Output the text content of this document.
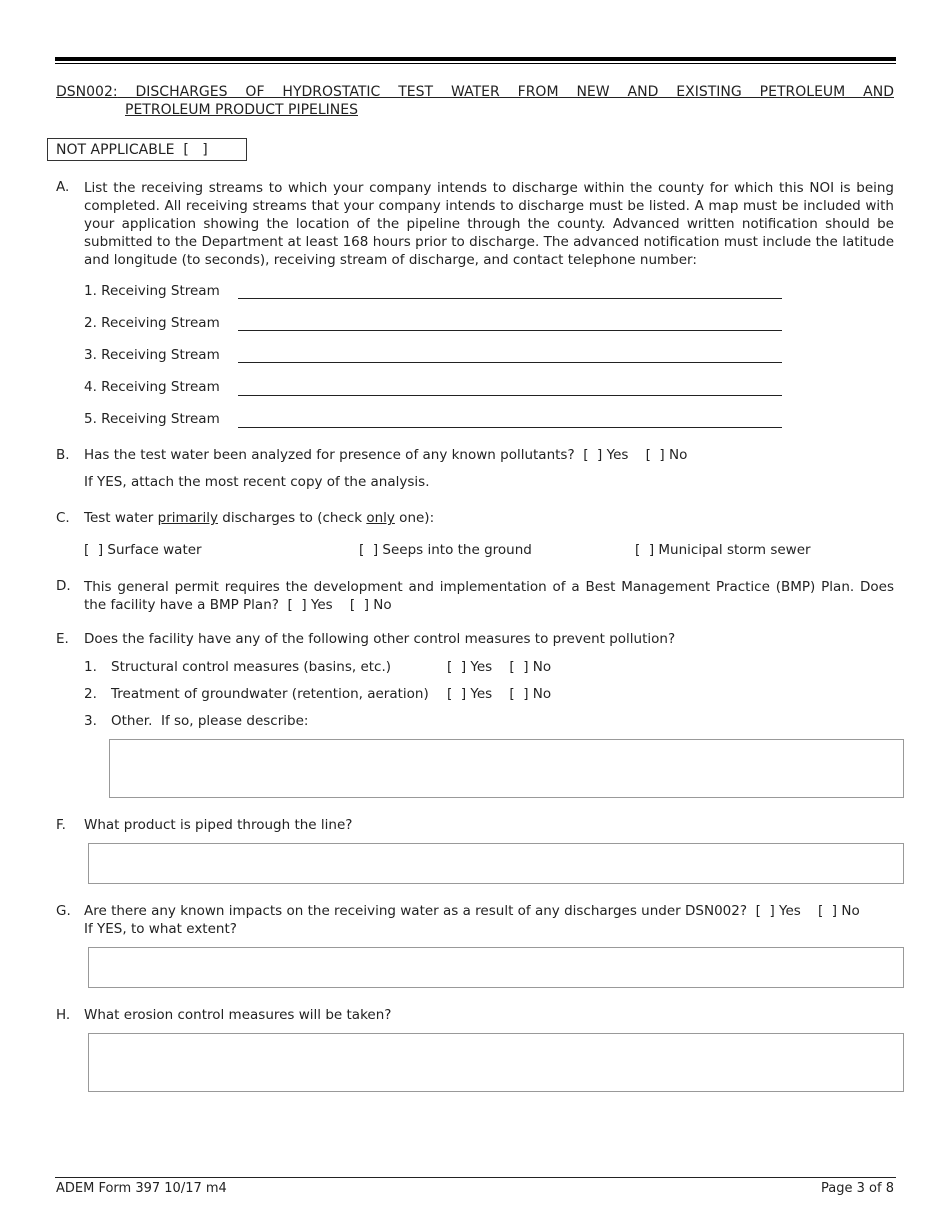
DSN002: DISCHARGES OF HYDROSTATIC TEST WATER FROM NEW AND EXISTING PETROLEUM AND
PETROLEUM PRODUCT PIPELINES
NOT APPLICABLE  [   ]
A. List the receiving streams to which your company intends to discharge within the county for which this NOI is being completed. All receiving streams that your company intends to discharge must be listed. A map must be included with your application showing the location of the pipeline through the county. Advanced written notification should be submitted to the Department at least 168 hours prior to discharge. The advanced notification must include the latitude and longitude (to seconds), receiving stream of discharge, and contact telephone number:
1. Receiving Stream
2. Receiving Stream
3. Receiving Stream
4. Receiving Stream
5. Receiving Stream
B. Has the test water been analyzed for presence of any known pollutants?  [  ] Yes    [  ] No
If YES, attach the most recent copy of the analysis.
C. Test water primarily discharges to (check only one):
[  ] Surface water	[  ] Seeps into the ground	[  ] Municipal storm sewer
D. This general permit requires the development and implementation of a Best Management Practice (BMP) Plan. Does the facility have a BMP Plan?  [  ] Yes    [  ] No
E. Does the facility have any of the following other control measures to prevent pollution?
1. Structural control measures (basins, etc.)	[  ] Yes    [  ] No
2. Treatment of groundwater (retention, aeration) [  ] Yes    [  ] No
3. Other.  If so, please describe:
F. What product is piped through the line?
G. Are there any known impacts on the receiving water as a result of any discharges under DSN002?  [  ] Yes    [  ] No
If YES, to what extent?
H. What erosion control measures will be taken?
ADEM Form 397 10/17 m4	Page 3 of 8
